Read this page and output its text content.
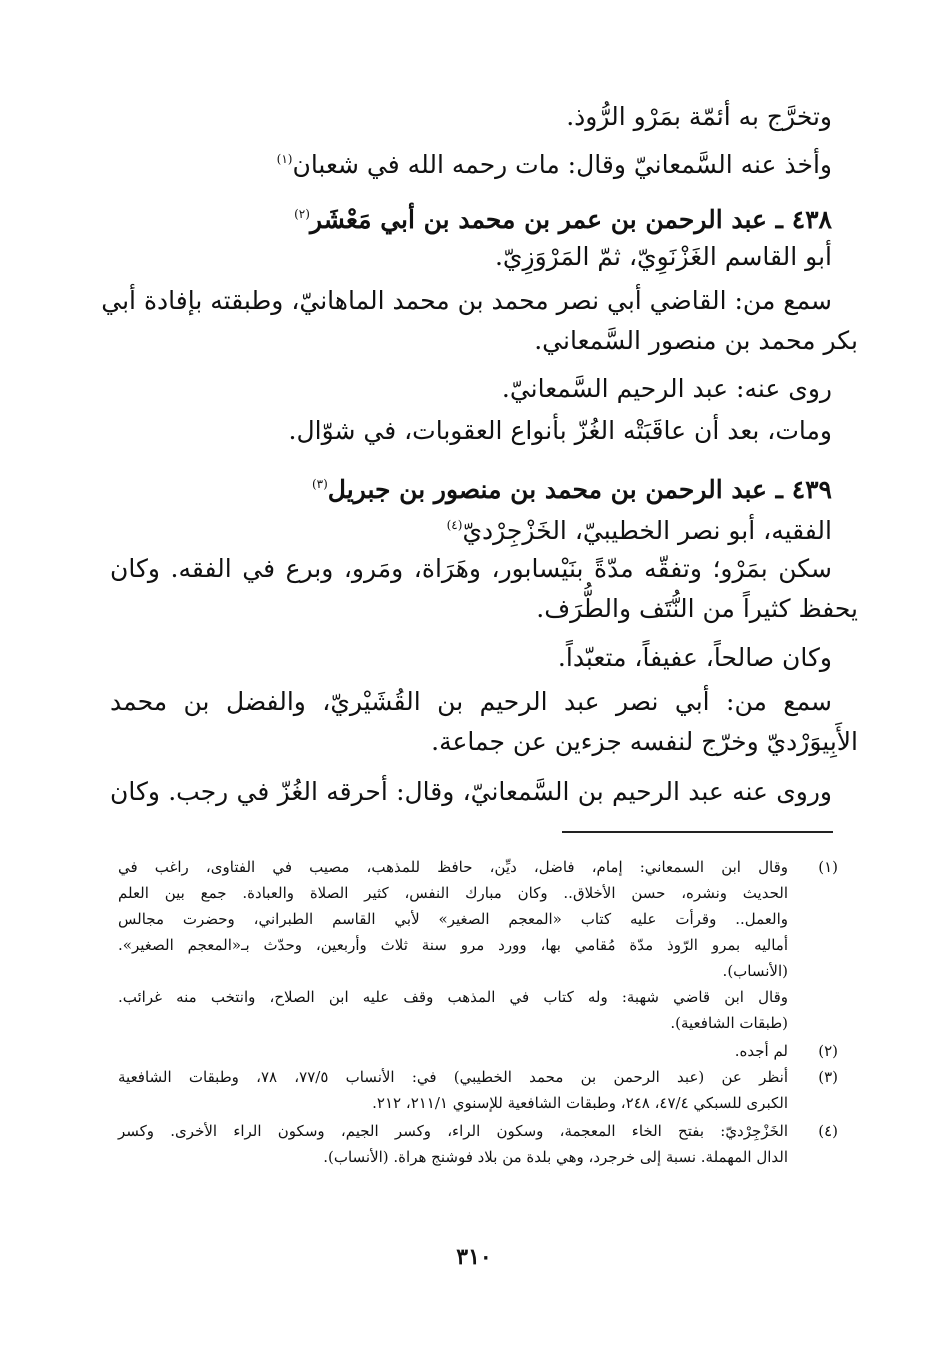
وتخرَّج به أئمّة بمَرْو الرُّوذ.
وأخذ عنه السَّمعانيّ وقال: مات رحمه الله في شعبان$^{(١)}$
٤٣٨ ـ عبد الرحمن بن عمر بن محمد بن أبي مَعْشَر$^{(٢)}$
أبو القاسم الغَزْنَوِيّ، ثمّ المَرْوَزِيّ.
سمع من: القاضي أبي نصر محمد بن محمد الماهانيّ، وطبقته بإفادة أبي
بكر محمد بن منصور السَّمعاني.
روى عنه: عبد الرحيم السَّمعانيّ.
ومات، بعد أن عاقَبَتْه الغُزّ بأنواع العقوبات، في شوّال.
٤٣٩ ـ عبد الرحمن بن محمد بن منصور بن جبريل$^{(٣)}$
الفقيه، أبو نصر الخطيبيّ، الخَزْجِرْديّ$^{(٤)}$
سكن بمَرْو؛ وتفقّه مدّةً بنَيْسابور، وهَرَاة، ومَرو، وبرع في الفقه. وكان
يحفظ كثيراً من النُّتَف والطُّرَف.
وكان صالحاً، عفيفاً، متعبّداً.
سمع من: أبي نصر عبد الرحيم بن القُشَيْريّ، والفضل بن محمد
الأَبِيوَرْديّ وخرّج لنفسه جزءين عن جماعة.
وروى عنه عبد الرحيم بن السَّمعانيّ، وقال: أحرقه الغُزّ في رجب. وكان
(١)
وقال ابن السمعاني: إمام، فاضل، ديِّن، حافظ للمذهب، مصيب في الفتاوى، راغب في
الحديث ونشره، حسن الأخلاق.. وكان مبارك النفس، كثير الصلاة والعبادة. جمع بين العلم
والعمل.. وقرأت عليه كتاب «المعجم الصغير» لأبي القاسم الطبراني، وحضرت مجالس
أماليه بمرو الرّوذ مدّة مُقامي بها، وورد مرو سنة ثلاث وأربعين، وحدّث بـ«المعجم الصغير».
(الأنساب).
وقال ابن قاضي شهبة: وله كتاب في المذهب وقف عليه ابن الصلاح، وانتخب منه غرائب.
(طبقات الشافعية).
(٢)
لم أجده.
(٣)
أنظر عن (عبد الرحمن بن محمد الخطيبي) في: الأنساب ٧٧/٥، ٧٨، وطبقات الشافعية
الكبرى للسبكي ٤٧/٤، ٢٤٨، وطبقات الشافعية للإسنوي ٢١١/١، ٢١٢.
(٤)
الخَزْجِرْديّ: بفتح الخاء المعجمة، وسكون الراء، وكسر الجيم، وسكون الراء الأخرى. وكسر
الدال المهملة. نسبة إلى خرجرد، وهي بلدة من بلاد فوشنج هراة. (الأنساب).
٣١٠
